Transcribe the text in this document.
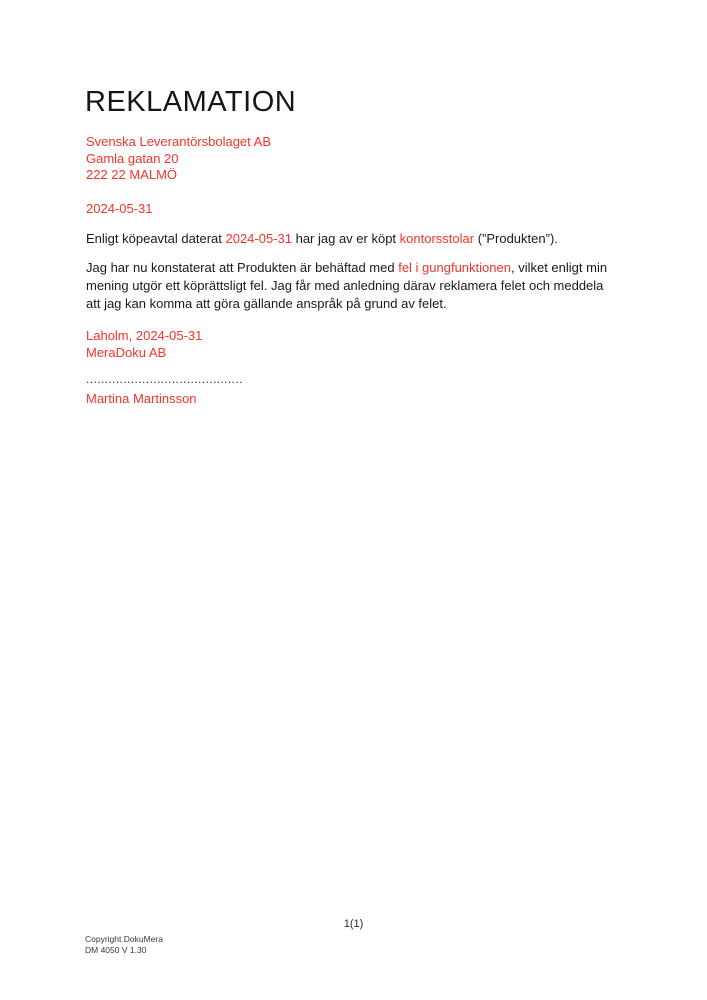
REKLAMATION
Svenska Leverantörsbolaget AB
Gamla gatan 20
222 22 MALMÖ
2024-05-31

Enligt köpeavtal daterat 2024-05-31 har jag av er köpt kontorsstolar (”Produkten”).

Jag har nu konstaterat att Produkten är behäftad med fel i gungfunktionen, vilket enligt min mening utgör ett köprättsligt fel. Jag får med anledning därav reklamera felet och meddela att jag kan komma att göra gällande anspråk på grund av felet.

Laholm, 2024-05-31
MeraDoku AB
..........................................
Martina Martinsson
1(1)
Copyright DokuMera
DM 4050 V 1.30
